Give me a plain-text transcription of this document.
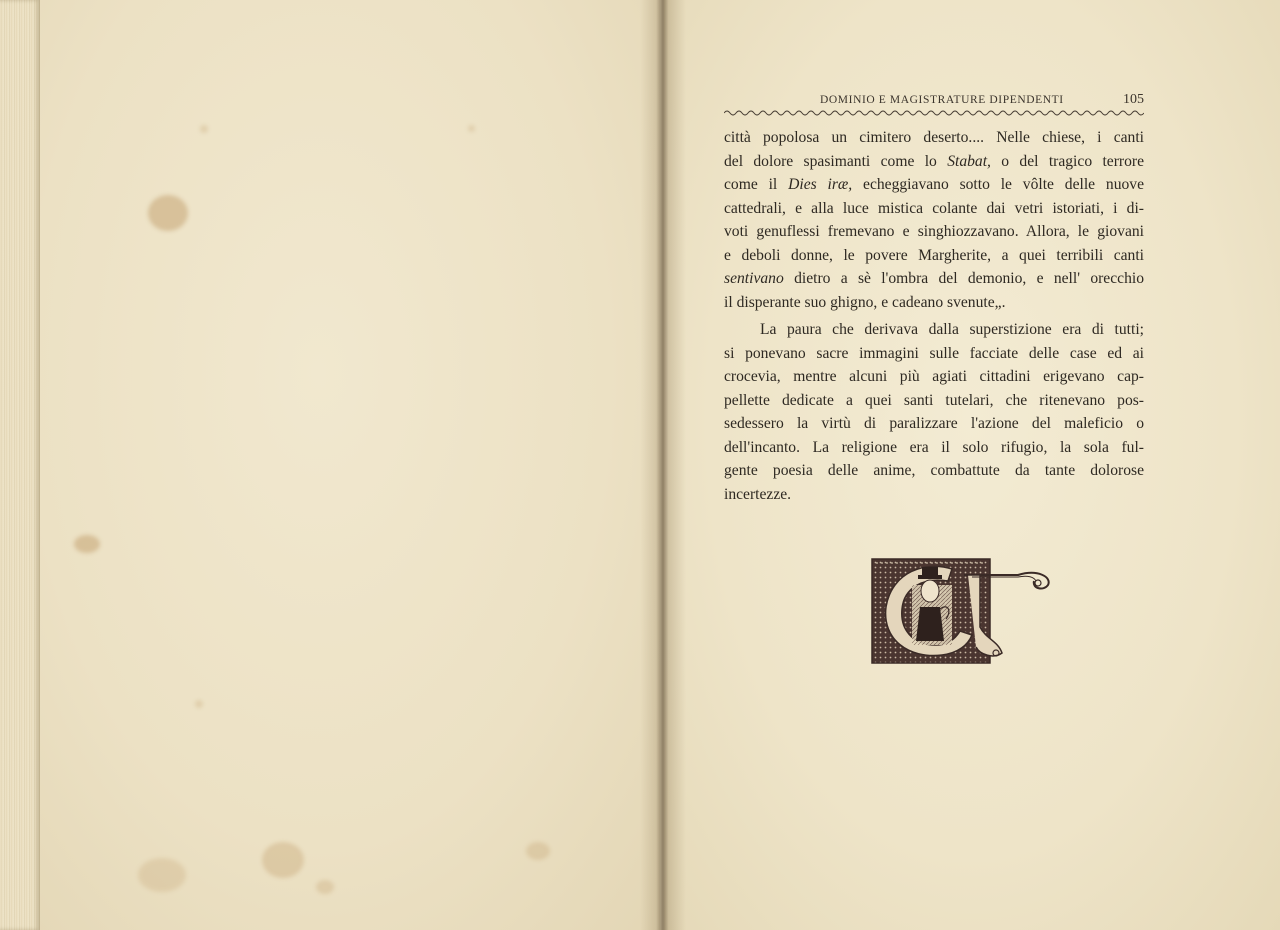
DOMINIO E MAGISTRATURE DIPENDENTI	105
città popolosa un cimitero deserto.... Nelle chiese, i canti
del dolore spasimanti come lo Stabat, o del tragico terrore
come il Dies iræ, echeggiavano sotto le vôlte delle nuove
cattedrali, e alla luce mistica colante dai vetri istoriati, i di-
voti genuflessi fremevano e singhiozzavano. Allora, le giovani
e deboli donne, le povere Margherite, a quei terribili canti
sentivano dietro a sè l'ombra del demonio, e nell' orecchio
il disperante suo ghigno, e cadeano svenute„.
La paura che derivava dalla superstizione era di tutti;
si ponevano sacre immagini sulle facciate delle case ed ai
crocevia, mentre alcuni più agiati cittadini erigevano cap-
pellette dedicate a quei santi tutelari, che ritenevano pos-
sedessero la virtù di paralizzare l'azione del maleficio o
dell'incanto. La religione era il solo rifugio, la sola ful-
gente poesia delle anime, combattute da tante dolorose
incertezze.
